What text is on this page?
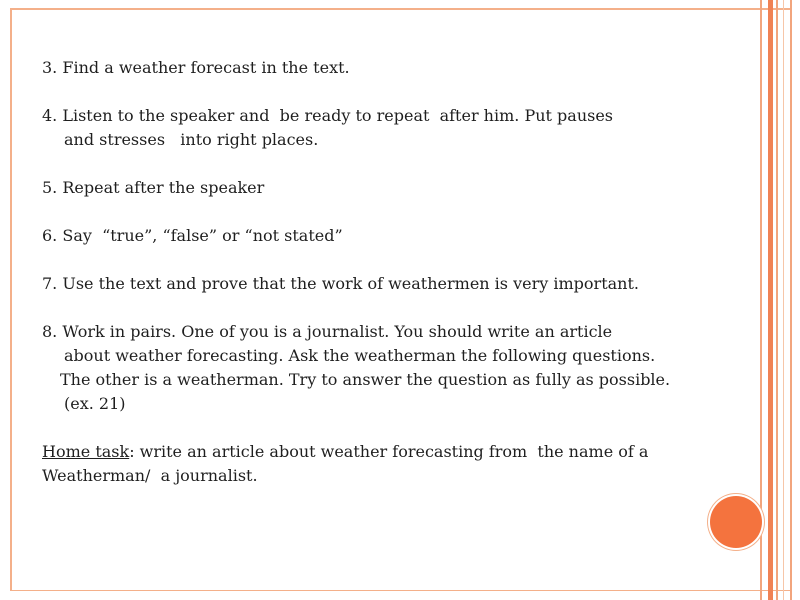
3. Find a weather forecast in the text.

4. Listen to the speaker and  be ready to repeat  after him. Put pauses

and stresses   into right places.

5. Repeat after the speaker

6. Say  “true”, “false” or “not stated”

7. Use the text and prove that the work of weathermen is very important.

8. Work in pairs. One of you is a journalist. You should write an article

about weather forecasting. Ask the weatherman the following questions.

The other is a weatherman. Try to answer the question as fully as possible.

(ex. 21)

Home task: write an article about weather forecasting from  the name of a

Weatherman/  a journalist.
